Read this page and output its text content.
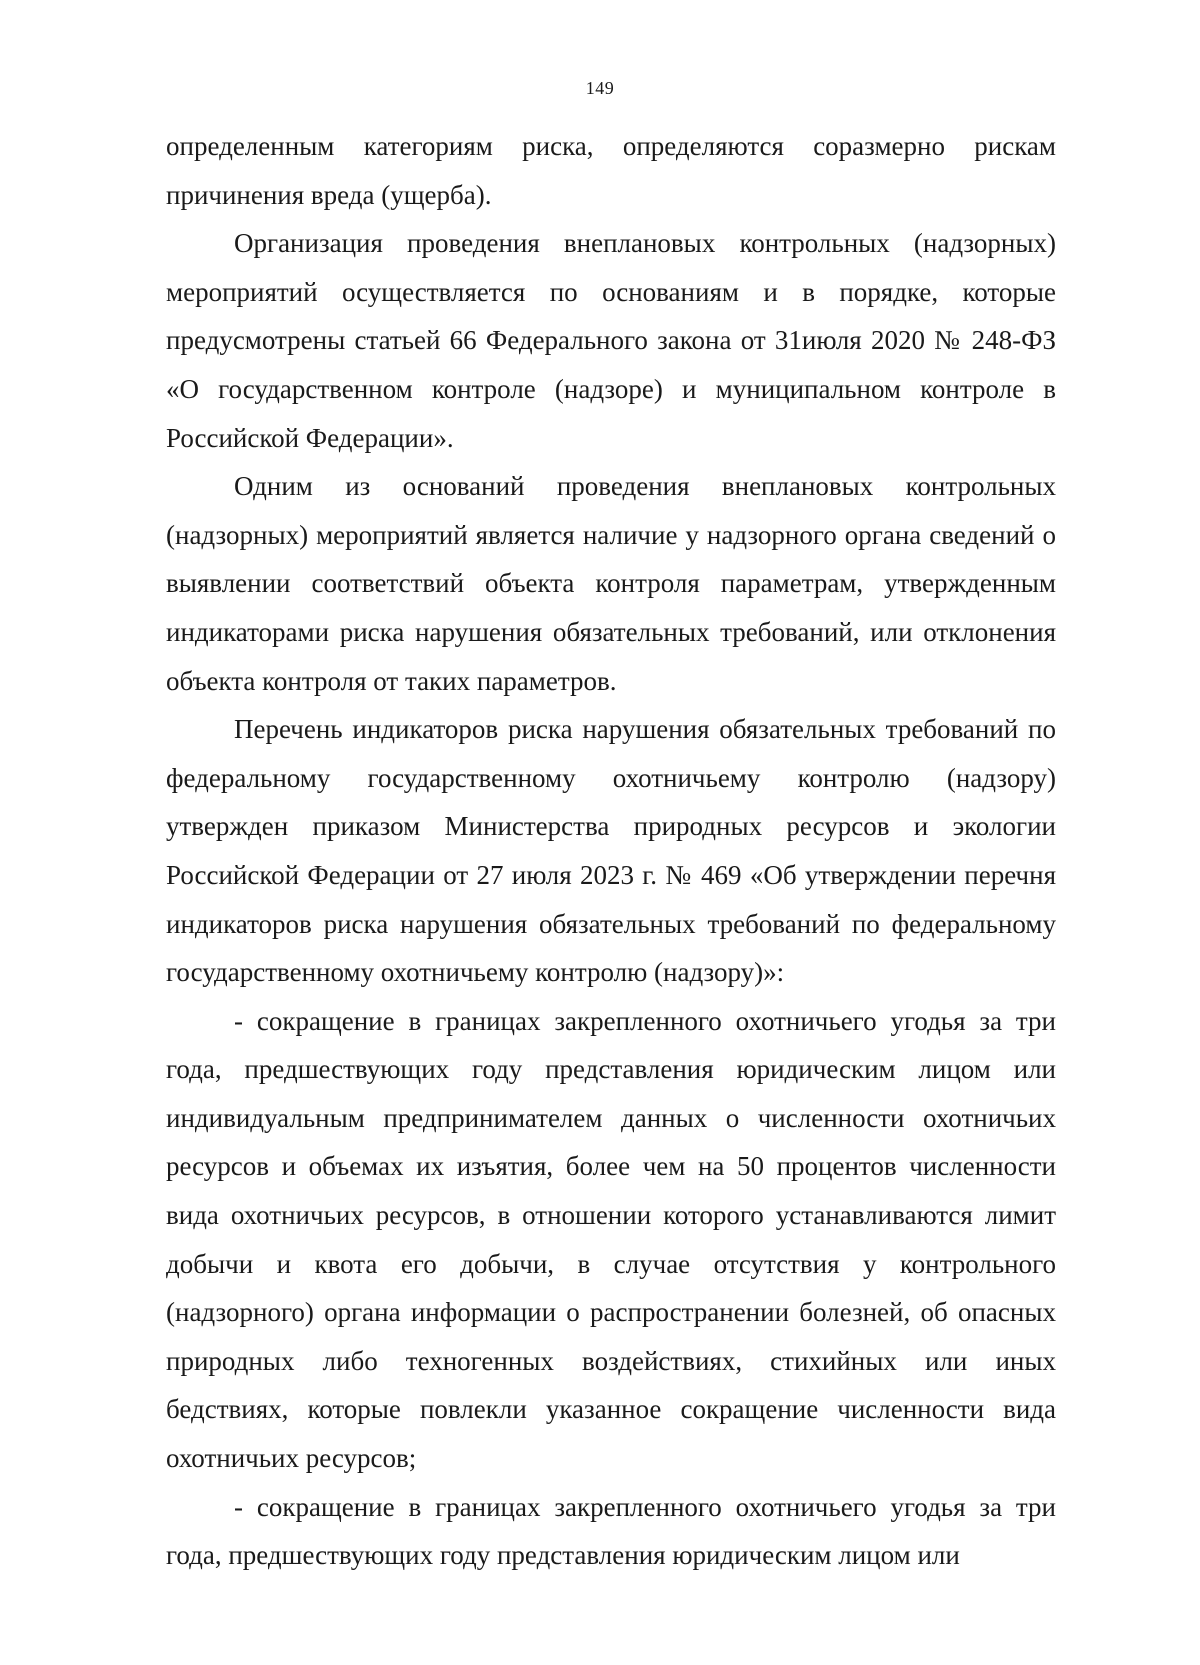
149

определенным категориям риска, определяются соразмерно рискам причинения вреда (ущерба).

Организация проведения внеплановых контрольных (надзорных) мероприятий осуществляется по основаниям и в порядке, которые предусмотрены статьей 66 Федерального закона от 31июля 2020 № 248-ФЗ «О государственном контроле (надзоре) и муниципальном контроле в Российской Федерации».

Одним из оснований проведения внеплановых контрольных (надзорных) мероприятий является наличие у надзорного органа сведений о выявлении соответствий объекта контроля параметрам, утвержденным индикаторами риска нарушения обязательных требований, или отклонения объекта контроля от таких параметров.

Перечень индикаторов риска нарушения обязательных требований по федеральному государственному охотничьему контролю (надзору) утвержден приказом Министерства природных ресурсов и экологии Российской Федерации от 27 июля 2023 г. № 469 «Об утверждении перечня индикаторов риска нарушения обязательных требований по федеральному государственному охотничьему контролю (надзору)»:

- сокращение в границах закрепленного охотничьего угодья за три года, предшествующих году представления юридическим лицом или индивидуальным предпринимателем данных о численности охотничьих ресурсов и объемах их изъятия, более чем на 50 процентов численности вида охотничьих ресурсов, в отношении которого устанавливаются лимит добычи и квота его добычи, в случае отсутствия у контрольного (надзорного) органа информации о распространении болезней, об опасных природных либо техногенных воздействиях, стихийных или иных бедствиях, которые повлекли указанное сокращение численности вида охотничьих ресурсов;

- сокращение в границах закрепленного охотничьего угодья за три года, предшествующих году представления юридическим лицом или
